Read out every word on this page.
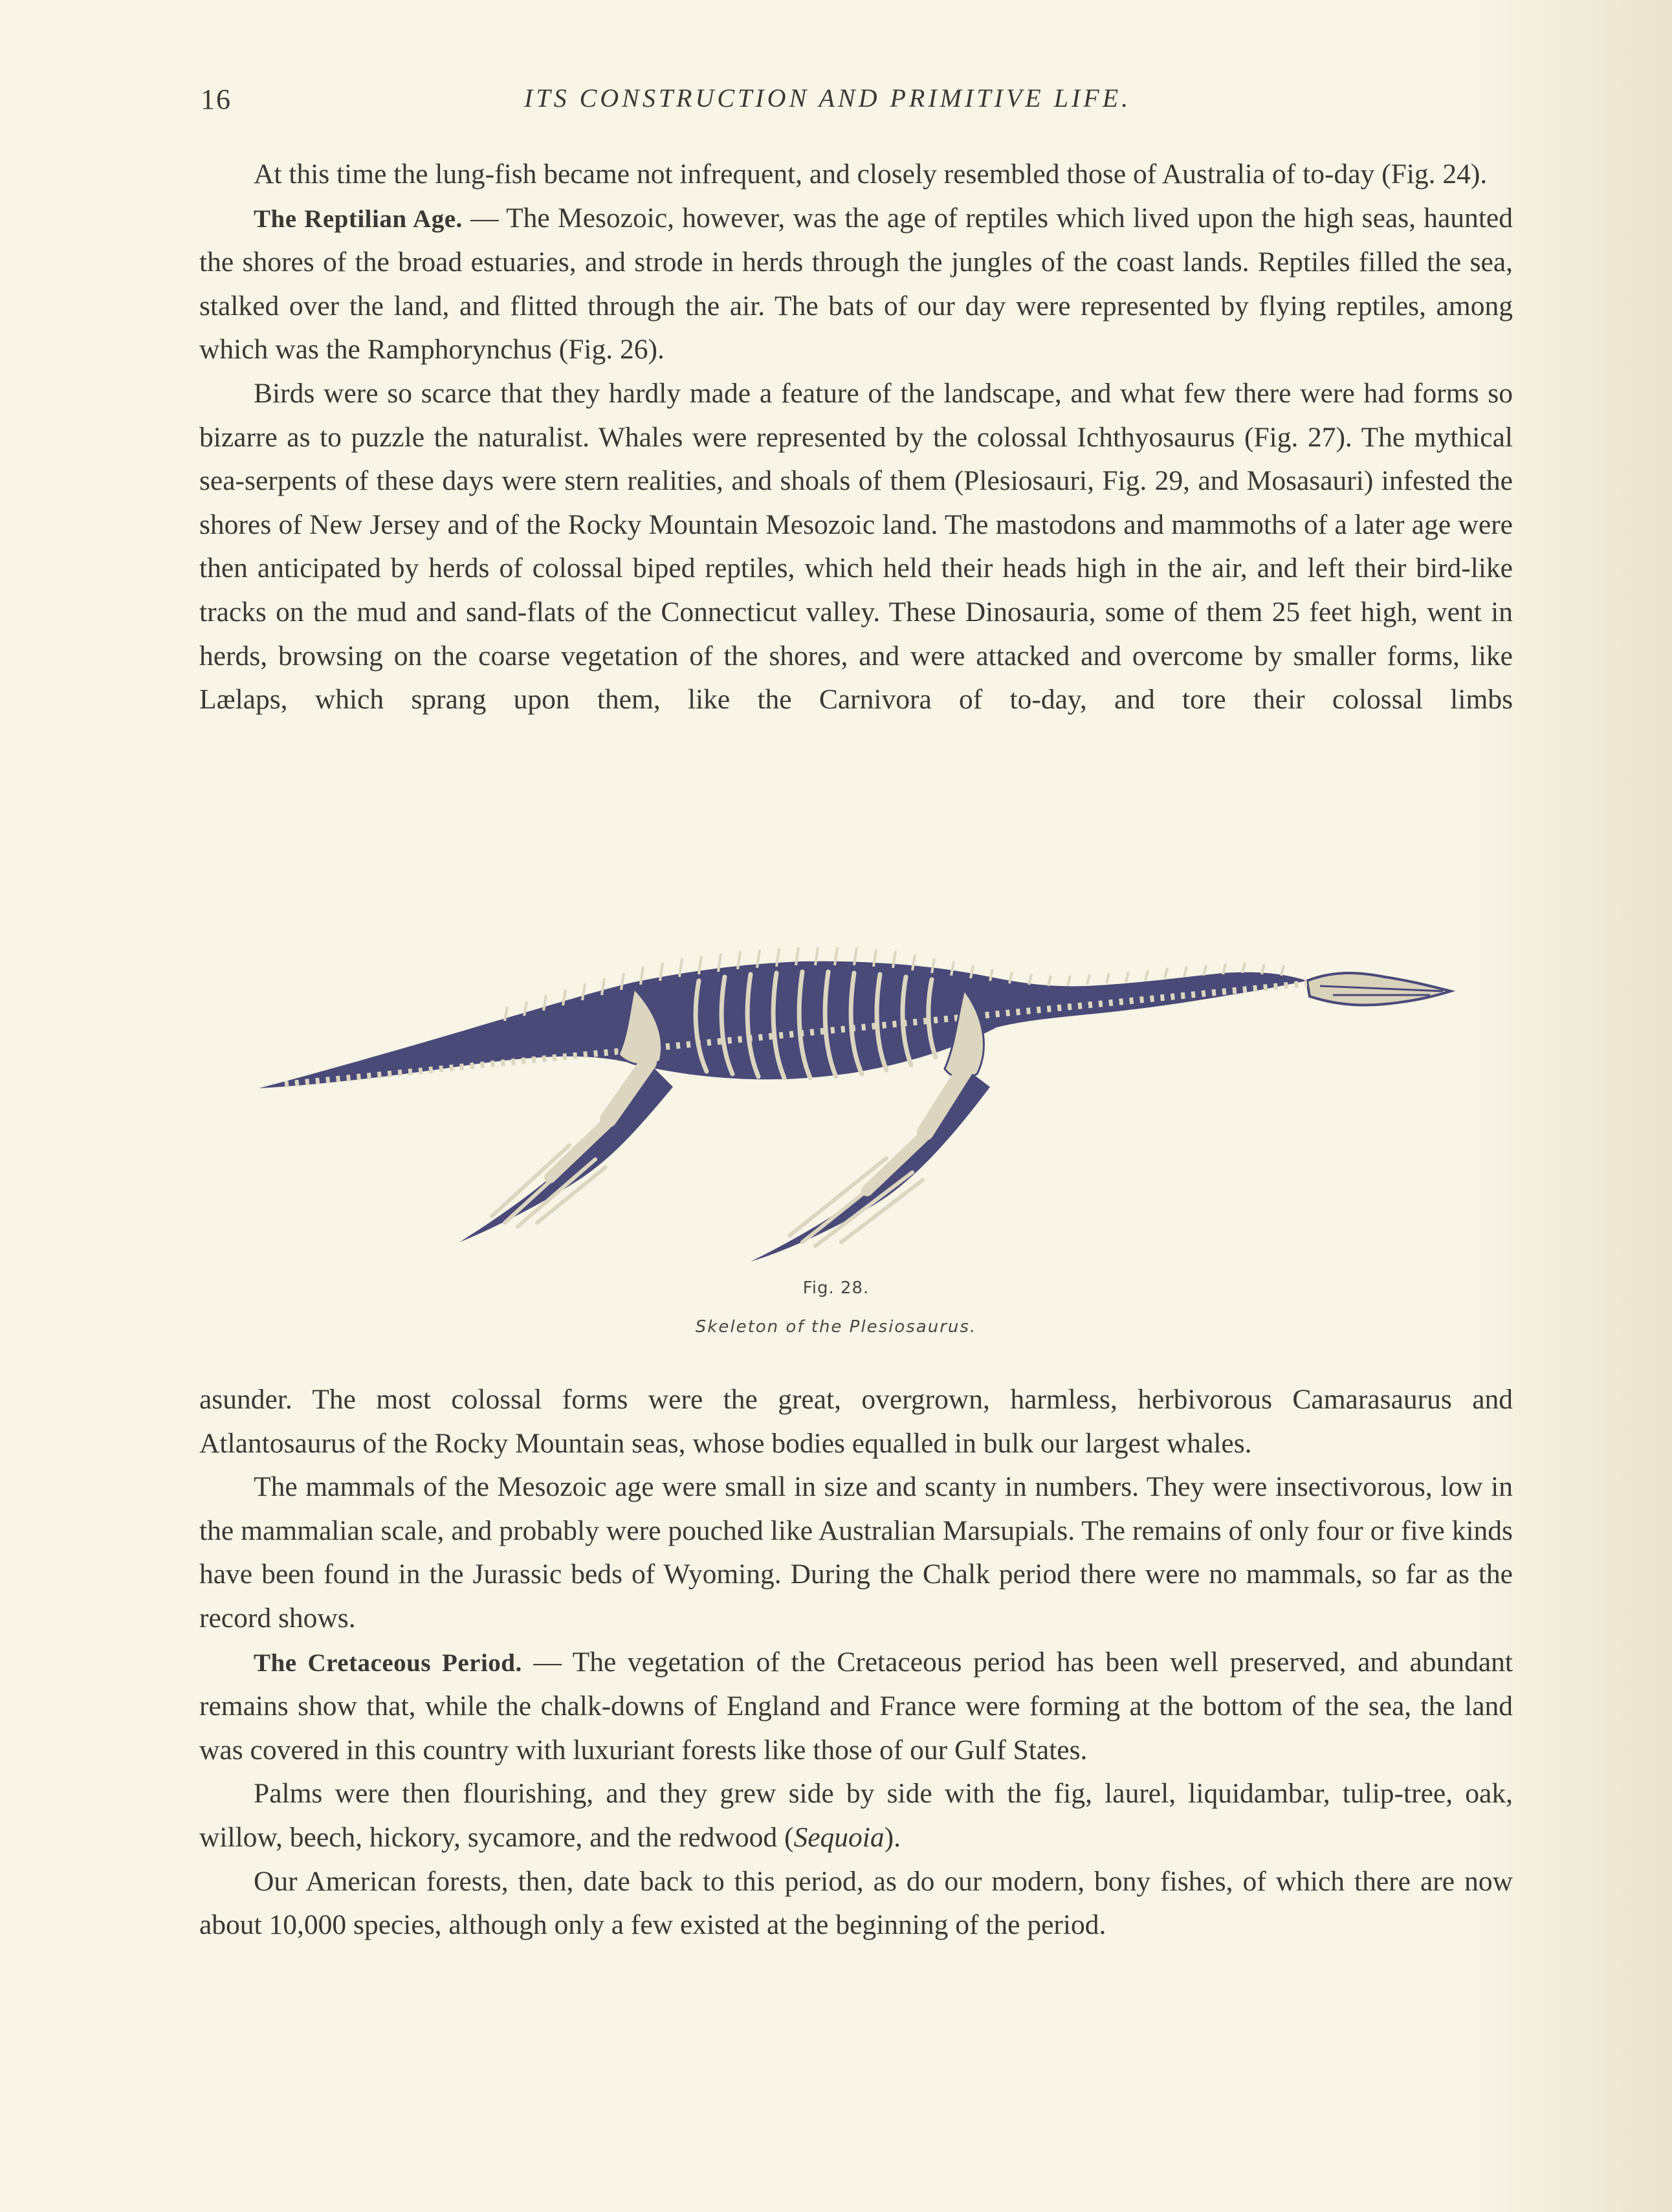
16	ITS CONSTRUCTION AND PRIMITIVE LIFE.

At this time the lung-fish became not infrequent, and closely resembled those of Australia of to-day (Fig. 24).

The Reptilian Age. — The Mesozoic, however, was the age of reptiles which lived upon the high seas, haunted the shores of the broad estuaries, and strode in herds through the jungles of the coast lands. Reptiles filled the sea, stalked over the land, and flitted through the air. The bats of our day were represented by flying reptiles, among which was the Ramphorynchus (Fig. 26).

Birds were so scarce that they hardly made a feature of the landscape, and what few there were had forms so bizarre as to puzzle the naturalist. Whales were represented by the colossal Ichthyosaurus (Fig. 27). The mythical sea-serpents of these days were stern realities, and shoals of them (Plesiosauri, Fig. 29, and Mosasauri) infested the shores of New Jersey and of the Rocky Mountain Mesozoic land. The mastodons and mammoths of a later age were then anticipated by herds of colossal biped reptiles, which held their heads high in the air, and left their bird-like tracks on the mud and sand-flats of the Connecticut valley. These Dinosauria, some of them 25 feet high, went in herds, browsing on the coarse vegetation of the shores, and were attacked and overcome by smaller forms, like Lælaps, which sprang upon them, like the Carnivora of to-day, and tore their colossal limbs

Fig. 28.
Skeleton of the Plesiosaurus.

asunder. The most colossal forms were the great, overgrown, harmless, herbivorous Camarasaurus and Atlantosaurus of the Rocky Mountain seas, whose bodies equalled in bulk our largest whales.

The mammals of the Mesozoic age were small in size and scanty in numbers. They were insectivorous, low in the mammalian scale, and probably were pouched like Australian Marsupials. The remains of only four or five kinds have been found in the Jurassic beds of Wyoming. During the Chalk period there were no mammals, so far as the record shows.

The Cretaceous Period. — The vegetation of the Cretaceous period has been well preserved, and abundant remains show that, while the chalk-downs of England and France were forming at the bottom of the sea, the land was covered in this country with luxuriant forests like those of our Gulf States.

Palms were then flourishing, and they grew side by side with the fig, laurel, liquidambar, tulip-tree, oak, willow, beech, hickory, sycamore, and the redwood (Sequoia).

Our American forests, then, date back to this period, as do our modern, bony fishes, of which there are now about 10,000 species, although only a few existed at the beginning of the period.
